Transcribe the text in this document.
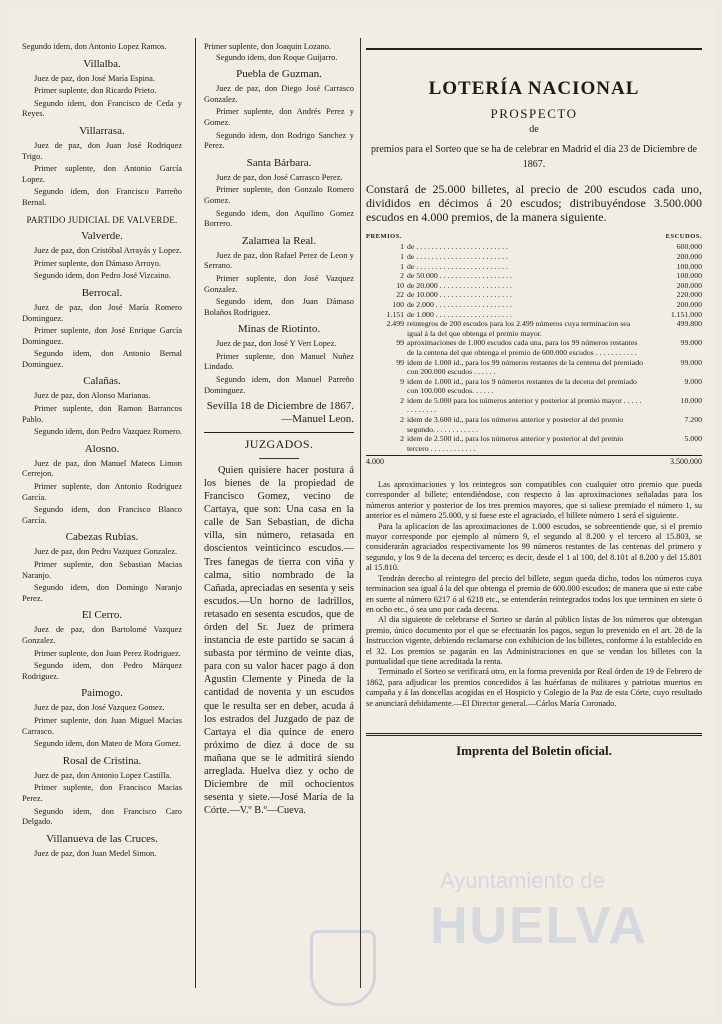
Segundo idem, don Antonio Lopez Ramos.

Villalba.

Juez de paz, don José María Espina.

Primer suplente, don Ricardo Prieto.

Segundo idem, don Francisco de Ceda y Reyes.

Villarrasa.

Juez de paz, don Juan José Rodriquez Trigo.

Primer suplente, don Antonio García Lopez.

Segundo idem, don Francisco Parreño Bernal.

PARTIDO JUDICIAL DE VALVERDE.
Valverde.

Juez de paz, don Cristóbal Arrayás y Lopez.

Primer suplente, don Dámaso Arroyo.

Segundo idem, don Pedro José Vizcaino.

Berrocal.

Juez de paz, don José María Romero Dominguez.

Primer suplente, don José Enrique García Dominguez.

Segundo idem, don Antonio Bernal Dominguez.

Calañas.

Juez de paz, don Alonso Marianas.

Primer suplente, don Ramon Barrancos Pablo.

Segundo idem, don Pedro Vazquez Romero.

Alosno.

Juez de paz, don Manuel Mateos Limon Cerrejon.

Primer suplente, don Antonio Rodriguez García.

Segundo idem, don Francisco Blanco García.

Cabezas Rubias.

Juez de paz, don Pedro Vazquez Gonzalez.

Primer suplente, don Sebastian Macias Naranjo.

Segundo idem, don Domingo Naranjo Perez.

El Cerro.

Juez de paz, don Bartolomé Vazquez Gonzalez.

Primer suplente, don Juan Perez Rodriguez.

Segundo idem, don Pedro Márquez Rodriguez.

Paimogo.

Juez de paz, don José Vazquez Gomez.

Primer suplente, don Juan Miguel Macias Carrasco.

Segundo idem, don Mateo de Mora Gomez.

Rosal de Cristina.

Juez de paz, don Antonio Lopez Castilla.

Primer suplente, don Francisco Macias Perez.

Segundo idem, don Francisco Caro Delgado.

Villanueva de las Cruces.

Juez de paz, don Juan Medel Simon.

Primer suplente, don Joaquin Lozano.

Segundo idem, don Roque Guijarro.

Puebla de Guzman.

Juez de paz, don Diego José Carrasco Gonzalez.

Primer suplente, don Andrés Perez y Gomez.

Segundo idem, don Rodrigo Sanchez y Perez.

Santa Bárbara.

Juez de paz, don José Carrasco Perez.

Primer suplente, don Gonzalo Romero Gomez.

Segundo idem, don Aquilino Gomez Borrero.

Zalamea la Real.

Juez de paz, don Rafael Perez de Leon y Serrano.

Primer suplente, don José Vazquez Gonzalez.

Segundo idem, don Juan Dámaso Bolaños Rodriguez.

Minas de Riotinto.

Juez de paz, don José Y Vert Lopez.

Primer suplente, don Manuel Nuñez Lindado.

Segundo idem, don Manuel Parreño Dominguez.

Sevilla 18 de Diciembre de 1867.—Manuel Leon.
JUZGADOS.

Quien quisiere hacer postura á los bienes de la propiedad de Francisco Gomez, vecino de Cartaya, que son: Una casa en la calle de San Sebastian, de dicha villa, sin número, retasada en doscientos veinticinco escudos.—Tres fanegas de tierra con viña y calma, sitio nombrado de la Cañada, apreciadas en sesenta y seis escudos.—Un horno de ladrillos, retasado en sesenta escudos, que de órden del Sr. Juez de primera instancia de este partido se sacan á subasta por término de veinte dias, para con su valor hacer pago á don Agustin Clemente y Pineda de la cantidad de noventa y un escudos que le resulta ser en deber, acuda á los estrados del Juzgado de paz de Cartaya el dia quince de enero próximo de diez á doce de su mañana que se le admitirá siendo arreglada. Huelva diez y ocho de Diciembre de mil ochocientos sesenta y siete.—José María de la Córte.—V.º B.º—Cueva.

LOTERÍA NACIONAL
PROSPECTO
de
premios para el Sorteo que se ha de celebrar en Madrid el dia 23 de Diciembre de 1867.
Constará de 25.000 billetes, al precio de 200 escudos cada uno, divididos en décimos á 20 escudos; distribuyéndose 3.500.000 escudos en 4.000 premios, de la manera siguiente.
PREMIOS.	ESCUDOS.
1	de . . . . . . . . . . . . . . . . . . . . . . . .	600.000
1	de . . . . . . . . . . . . . . . . . . . . . . . .	200.000
1	de . . . . . . . . . . . . . . . . . . . . . . . .	100.000
2	de 50.000 . . . . . . . . . . . . . . . . . . .	100.000
10	de 20.000 . . . . . . . . . . . . . . . . . . .	200.000
22	de 10.000 . . . . . . . . . . . . . . . . . . .	220.000
100	de 2.000 . . . . . . . . . . . . . . . . . . . .	200.000
1.151	de 1.000 . . . . . . . . . . . . . . . . . . . .	1.151.000
2.499	reintegros de 200 escudos para los 2.499 números cuya terminacion sea igual á la del que obtenga el premio mayor.	499.800
99	aproximaciones de 1.000 escudos cada una, para los 99 números restantes de la centena del que obtenga el premio de 600.000 escudos . . . . . . . . . . .	99.000
99	idem de 1.000 id., para los 99 números restantes de la centena del premiado con 200.000 escudos . . . . . .	99.000
9	idem de 1.000 id., para los 9 números restantes de la decena del premiado con 100.000 escudos. . . . . .	9.000
2	idem de 5.000 para los números anterior y posterior al premio mayor . . . . . . . . . . . . .	10.000
2	idem de 3.600 id., para los números anterior y posterior al del premio segundo. . . . . . . . . . . .	7.200
2	idem de 2.500 id., para los números anterior y posterior al del premio tercero . . . . . . . . . . . .	5.000
4.000	3.500.000

Las aproximaciones y los reintegros son compatibles con cualquier otro premio que pueda corresponder al billete; entendiéndose, con respecto á las aproximaciones señaladas para los números anterior y posterior de los tres premios mayores, que si saliese premiado el número 1, su anterior es el número 25.000, y si fuese este el agraciado, el billete número 1 será el siguiente.

Para la aplicacion de las aproximaciones de 1.000 escudos, se sobreentiende que, si el premio mayor corresponde por ejemplo al número 9, el segundo al 8.200 y el tercero al 15.803, se considerarán agraciados respectivamente los 99 números restantes de las centenas del primero y segundo, y los 9 de la decena del tercero; es decir, desde el 1 al 100, del 8.101 al 8.200 y del 15.801 al 15.810.

Tendrán derecho al reintegro del precio del billete, segun queda dicho, todos los números cuya terminacion sea igual á la del que obtenga el premio de 600.000 escudos; de manera que si este cabe en suerte al número 6217 ó al 6218 etc., se entenderán reintegrados todos los que terminen en siete ó en ocho etc., ó sea uno por cada decena.

Al dia siguiente de celebrarse el Sorteo se darán al público listas de los números que obtengan premio, único documento por el que se efectuarán los pagos, segun lo prevenido en el art. 28 de la Instruccion vigente, debiendo reclamarse con exhibicion de los billetes, conforme á lo establecido en el 32. Los premios se pagarán en las Administraciones en que se vendan los billetes con la puntualidad que tiene acreditada la renta.

Terminado el Sorteo se verificará otro, en la forma prevenida por Real órden de 19 de Febrero de 1862, para adjudicar los premios concedidos á las huérfanas de militares y patriotas muertos en campaña y á las doncellas acogidas en el Hospicio y Colegio de la Paz de esta Córte, cuyo resultado se anunciará debidamente.—El Director general.—Cárlos María Coronado.

Imprenta del Boletin oficial.
Ayuntamiento de
HUELVA
